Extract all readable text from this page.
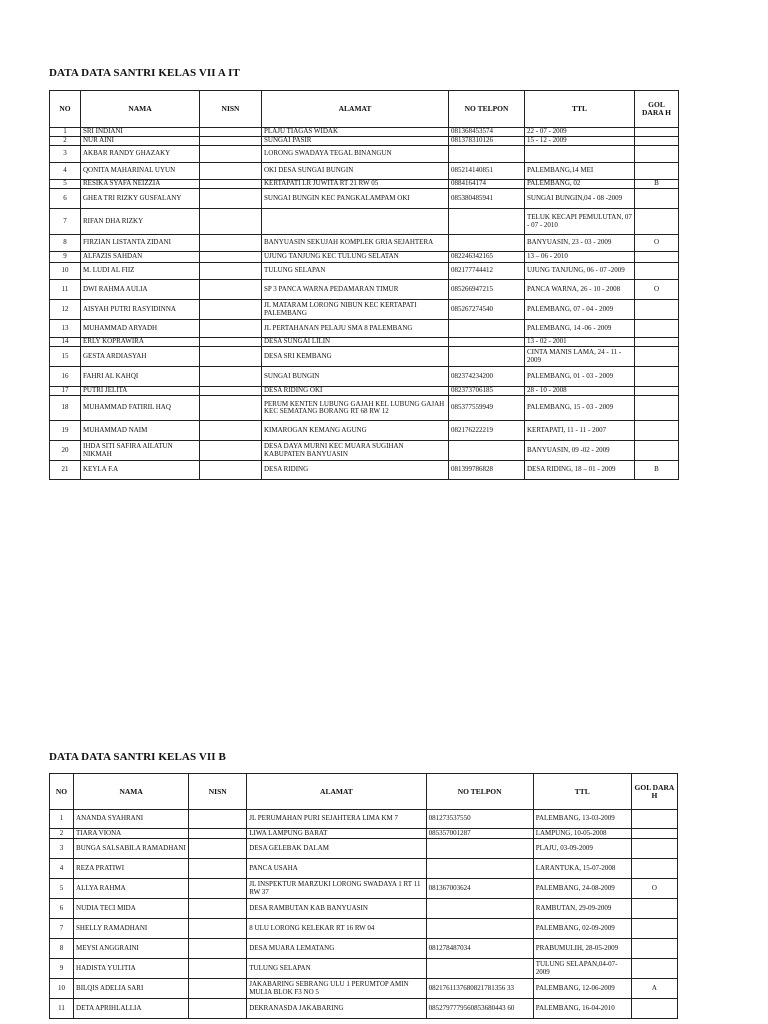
DATA DATA SANTRI KELAS VII A IT
NO	NAMA	NISN	ALAMAT	NO TELPON	TTL	GOL DARA H
1	SRI INDIANI		PLAJU TIAGAS WIDAK	081368453574	22 - 07 - 2009	
2	NUR AINI		SUNGAI PASIR	081378310126	15 - 12 - 2009	
3	AKBAR RANDY GHAZAKY		LORONG SWADAYA TEGAL BINANGUN			
4	QONITA MAHARINAL UYUN		OKI DESA SUNGAI BUNGIN	085214140851	PALEMBANG,14 MEI	
5	RESIKA SYAFA NEIZZIA		KERTAPATI LR JUWITA RT 21 RW 05	0884164174	PALEMBANG, 02	B
6	GHEA TRI RIZKY GUSFALANY		SUNGAI BUNGIN KEC PANGKALAMPAM OKI	085380485941	SUNGAI BUNGIN,04 - 08 -2009	
7	RIFAN DHA RIZKY				TELUK KECAPI PEMULUTAN, 07 - 07 - 2010	
8	FIRZIAN LISTANTA ZIDANI		BANYUASIN SEKUJAH KOMPLEK GRIA SEJAHTERA		BANYUASIN, 23 - 03 - 2009	O
9	ALFAZIS SAHDAN		UJUNG TANJUNG KEC TULUNG SELATAN	082246342165	13 – 06 - 2010	
10	M. LUDI AL FIIZ		TULUNG SELAPAN	082177744412	UJUNG TANJUNG, 06 - 07 -2009	
11	DWI RAHMA AULIA		SP 3 PANCA WARNA PEDAMARAN TIMUR	085266947215	PANCA WARNA, 26 - 10 - 2008	O
12	AISYAH PUTRI RASYIDINNA		JL MATARAM LORONG NIBUN KEC KERTAPATI PALEMBANG	085267274540	PALEMBANG, 07 - 04 - 2009	
13	MUHAMMAD ARYADH		JL PERTAHANAN PELAJU SMA 8 PALEMBANG		PALEMBANG, 14 -06 - 2009	
14	ERLY KOPRAWIRA		DESA SUNGAI LILIN		13 - 02 - 2001	
15	GESTA ARDIASYAH		DESA SRI KEMBANG		CINTA MANIS LAMA, 24 - 11 - 2009	
16	FAHRI AL KAHQI		SUNGAI BUNGIN	082374234200	PALEMBANG, 01 - 03 - 2009	
17	PUTRI JELITA		DESA RIDING OKI	082373706185	28 - 10 - 2008	
18	MUHAMMAD FATIRIL HAQ		PERUM KENTEN LUBUNG GAJAH KEL LUBUNG GAJAH KEC SEMATANG BORANG RT 68 RW 12	085377559949	PALEMBANG, 15 - 03 - 2009	
19	MUHAMMAD NAIM		KIMAROGAN KEMANG AGUNG	082176222219	KERTAPATI, 11 - 11 - 2007	
20	IHDA SITI SAFIRA AILATUN NIKMAH		DESA DAYA MURNI KEC MUARA SUGIHAN KABUPATEN BANYUASIN		BANYUASIN, 09 -02 - 2009	
21	KEYLA F.A		DESA RIDING	081399786828	DESA RIDING, 18 – 01 - 2009	B
DATA DATA SANTRI KELAS VII B
NO	NAMA	NISN	ALAMAT	NO TELPON	TTL	GOL DARA H
1	ANANDA SYAHRANI		JL PERUMAHAN PURI SEJAHTERA LIMA KM 7	081273537550	PALEMBANG, 13-03-2009	
2	TIARA VIONA		LIWA LAMPUNG BARAT	085357001287	LAMPUNG, 10-05-2008	
3	BUNGA SALSABILA RAMADHANI		DESA GELEBAK DALAM		PLAJU, 03-09-2009	
4	REZA PRATIWI		PANCA USAHA		LARANTUKA, 15-07-2008	
5	ALLYA RAHMA		JL INSPEKTUR MARZUKI LORONG SWADAYA 1 RT 11 RW 37	081367003624	PALEMBANG, 24-08-2009	O
6	NUDIA TECI MIDA		DESA RAMBUTAN KAB BANYUASIN		RAMBUTAN, 29-09-2009	
7	SHELLY RAMADHANI		8 ULU LORONG KELEKAR RT 16 RW 04		PALEMBANG, 02-09-2009	
8	MEYSI ANGGRAINI		DESA MUARA LEMATANG	081278487034	PRABUMULIH, 28-05-2009	
9	HADISTA YULITIA		TULUNG SELAPAN		TULUNG SELAPAN,04-07-2009	
10	BILQIS ADELIA SARI		JAKABARING SEBRANG ULU 1 PERUMTOP AMIN MULIA BLOK F3 NO 5	0821761137680821781356 33	PALEMBANG, 12-06-2009	A
11	DETA APRIHLALLIA		DEKRANASDA JAKABARING	0852797779560853680443 60	PALEMBANG, 16-04-2010	
